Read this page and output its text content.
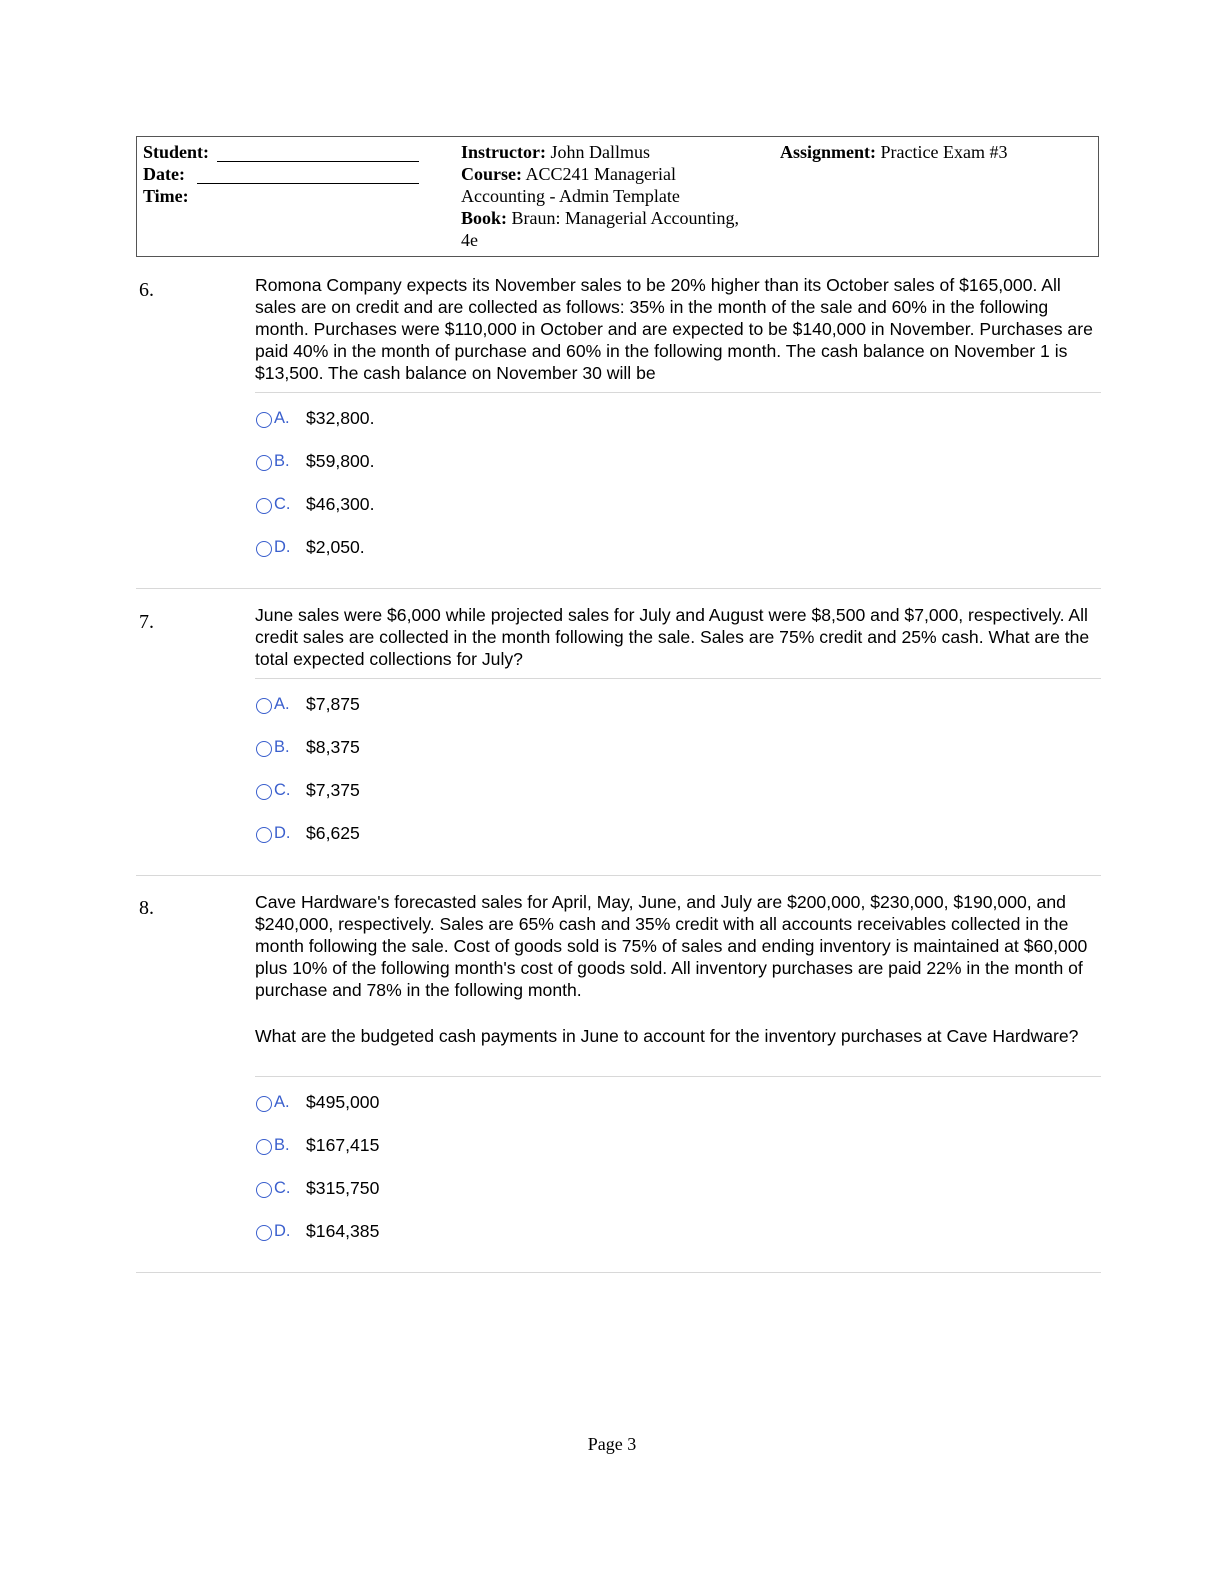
Student:
Date:
Time:
Instructor: John Dallmus
Course: ACC241 Managerial
Accounting - Admin Template
Book: Braun: Managerial Accounting,
4e
Assignment: Practice Exam #3
6.	Romona Company expects its November sales to be 20% higher than its October sales of $165,000. All sales are on credit and are collected as follows: 35% in the month of the sale and 60% in the following month. Purchases were $110,000 in October and are expected to be $140,000 in November. Purchases are paid 40% in the month of purchase and 60% in the following month. The cash balance on November 1 is $13,500. The cash balance on November 30 will be

A. $32,800.
B. $59,800.
C. $46,300.
D. $2,050.
7.	June sales were $6,000 while projected sales for July and August were $8,500 and $7,000, respectively. All credit sales are collected in the month following the sale. Sales are 75% credit and 25% cash. What are the total expected collections for July?

A. $7,875
B. $8,375
C. $7,375
D. $6,625
8.	Cave Hardware's forecasted sales for April, May, June, and July are $200,000, $230,000, $190,000, and $240,000, respectively. Sales are 65% cash and 35% credit with all accounts receivables collected in the month following the sale. Cost of goods sold is 75% of sales and ending inventory is maintained at $60,000 plus 10% of the following month's cost of goods sold. All inventory purchases are paid 22% in the month of purchase and 78% in the following month.

What are the budgeted cash payments in June to account for the inventory purchases at Cave Hardware?

A. $495,000
B. $167,415
C. $315,750
D. $164,385
Page 3
